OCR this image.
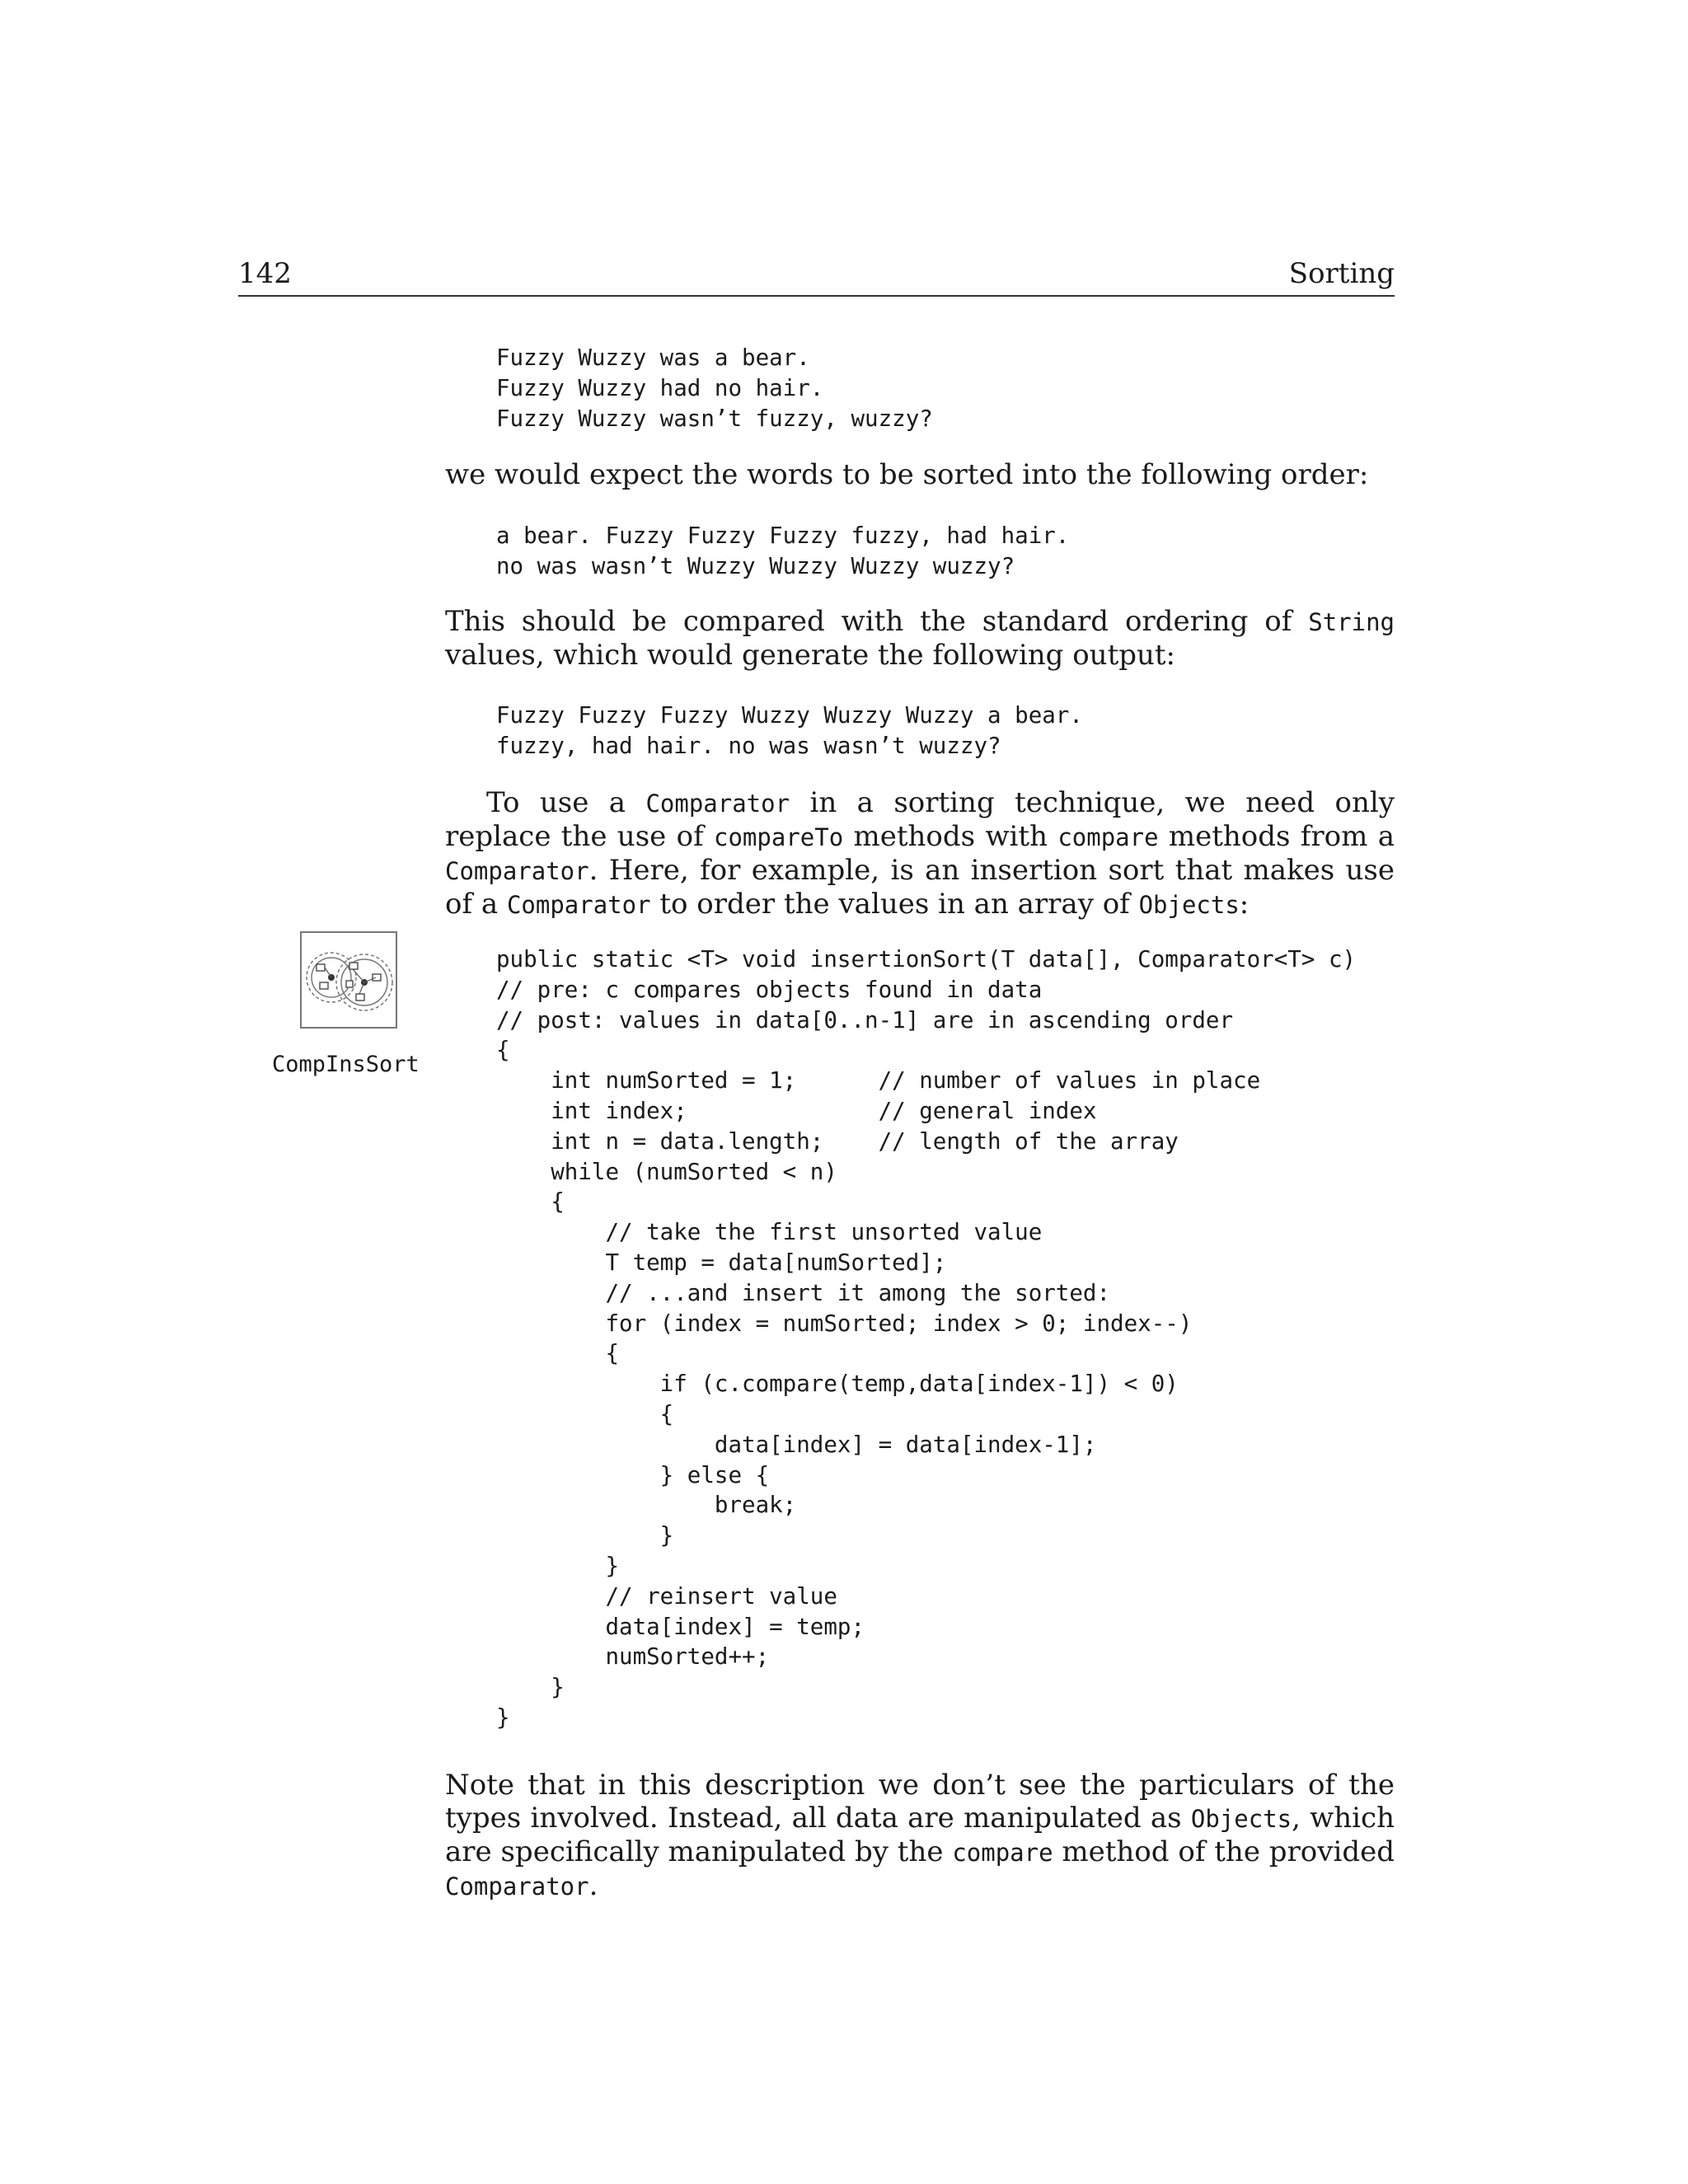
142	Sorting
Fuzzy Wuzzy was a bear.
Fuzzy Wuzzy had no hair.
Fuzzy Wuzzy wasn’t fuzzy, wuzzy?
we would expect the words to be sorted into the following order:
a bear. Fuzzy Fuzzy Fuzzy fuzzy, had hair.
no was wasn’t Wuzzy Wuzzy Wuzzy wuzzy?
This should be compared with the standard ordering of String values, which would generate the following output:
Fuzzy Fuzzy Fuzzy Wuzzy Wuzzy Wuzzy a bear.
fuzzy, had hair. no was wasn’t wuzzy?
To use a Comparator in a sorting technique, we need only replace the use of compareTo methods with compare methods from a Comparator. Here, for example, is an insertion sort that makes use of a Comparator to order the values in an array of Objects:
CompInsSort
public static <T> void insertionSort(T data[], Comparator<T> c)
// pre: c compares objects found in data
// post: values in data[0..n-1] are in ascending order
{
int numSorted = 1;      // number of values in place
int index;              // general index
int n = data.length;    // length of the array
while (numSorted < n)
{
// take the first unsorted value
T temp = data[numSorted];
// ...and insert it among the sorted:
for (index = numSorted; index > 0; index--)
{
if (c.compare(temp,data[index-1]) < 0)
{
data[index] = data[index-1];
} else {
break;
}
}
// reinsert value
data[index] = temp;
numSorted++;
}
}
Note that in this description we don’t see the particulars of the types involved. Instead, all data are manipulated as Objects, which are specifically manipulated by the compare method of the provided Comparator.
